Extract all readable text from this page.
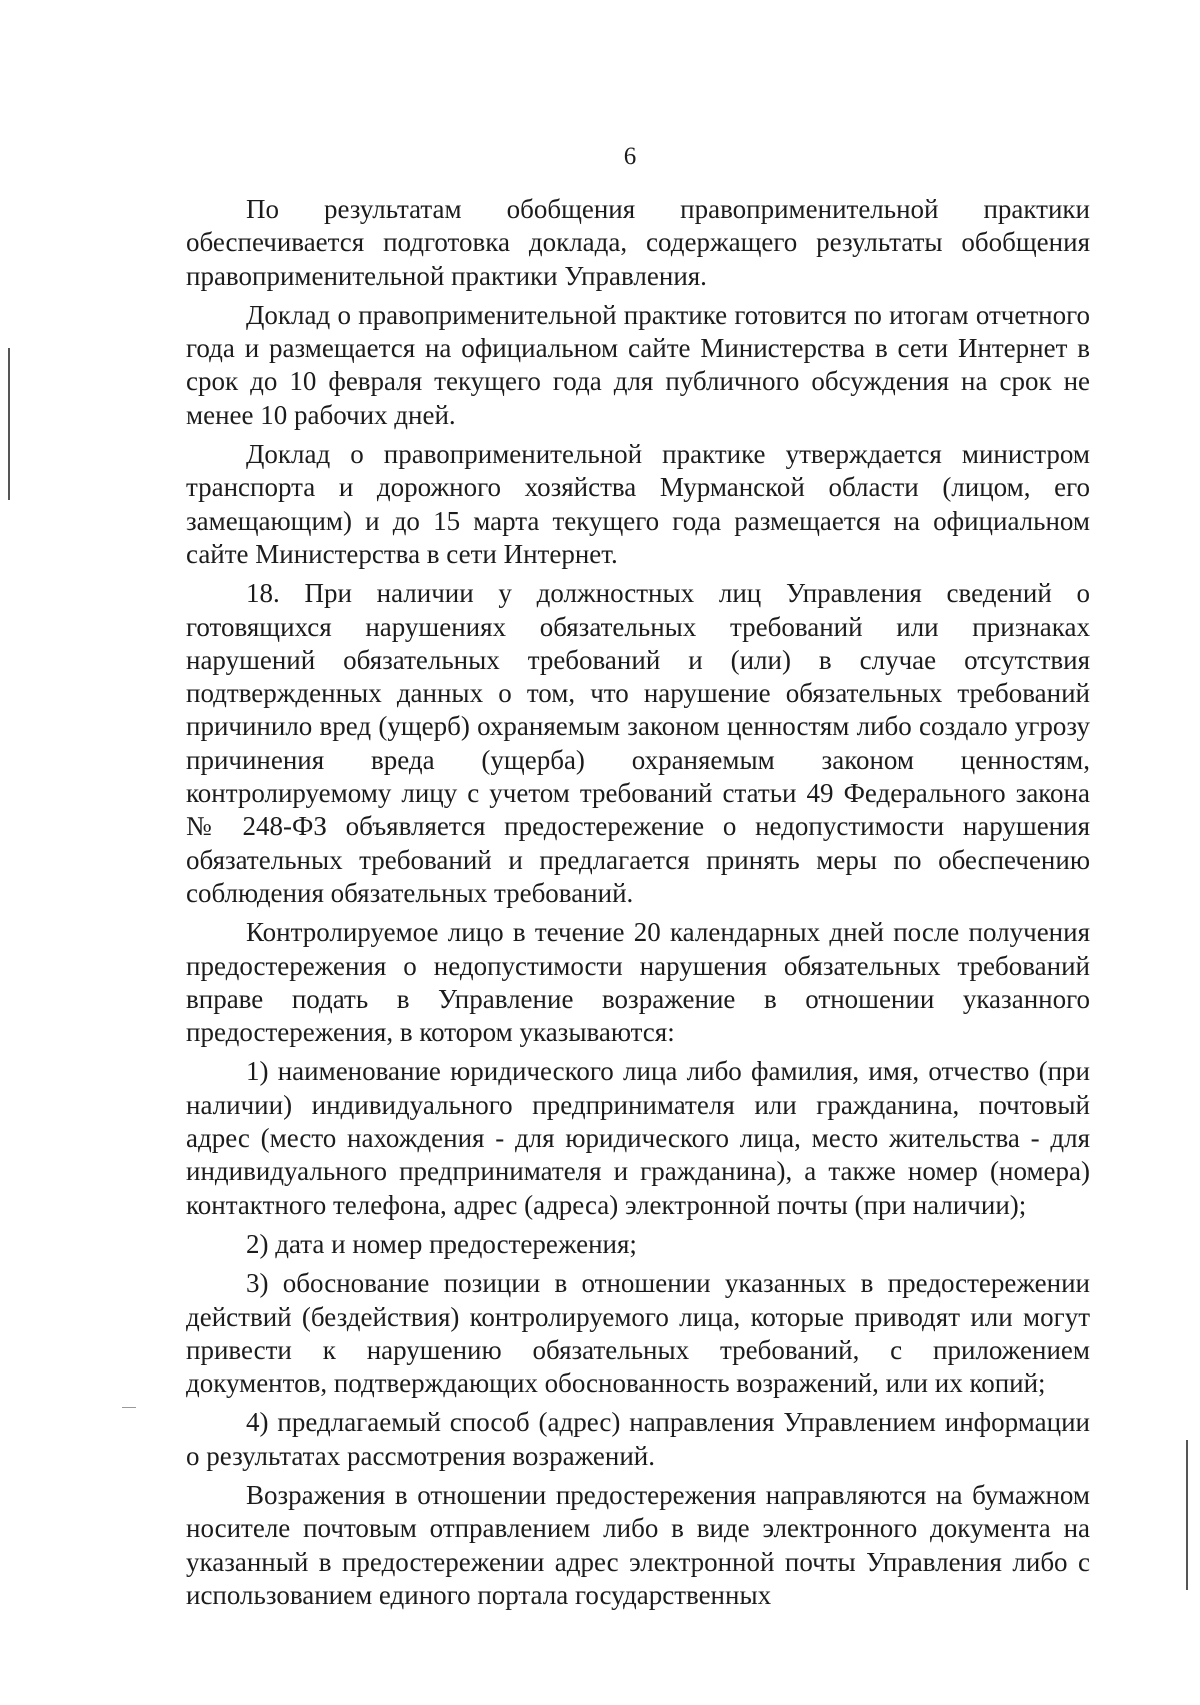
6

По результатам обобщения правоприменительной практики обеспечивается подготовка доклада, содержащего результаты обобщения правоприменительной практики Управления.

Доклад о правоприменительной практике готовится по итогам отчетного года и размещается на официальном сайте Министерства в сети Интернет в срок до 10 февраля текущего года для публичного обсуждения на срок не менее 10 рабочих дней.

Доклад о правоприменительной практике утверждается министром транспорта и дорожного хозяйства Мурманской области (лицом, его замещающим) и до 15 марта текущего года размещается на официальном сайте Министерства в сети Интернет.

18. При наличии у должностных лиц Управления сведений о готовящихся нарушениях обязательных требований или признаках нарушений обязательных требований и (или) в случае отсутствия подтвержденных данных о том, что нарушение обязательных требований причинило вред (ущерб) охраняемым законом ценностям либо создало угрозу причинения вреда (ущерба) охраняемым законом ценностям, контролируемому лицу с учетом требований статьи 49 Федерального закона № 248-ФЗ объявляется предостережение о недопустимости нарушения обязательных требований и предлагается принять меры по обеспечению соблюдения обязательных требований.

Контролируемое лицо в течение 20 календарных дней после получения предостережения о недопустимости нарушения обязательных требований вправе подать в Управление возражение в отношении указанного предостережения, в котором указываются:

1) наименование юридического лица либо фамилия, имя, отчество (при наличии) индивидуального предпринимателя или гражданина, почтовый адрес (место нахождения - для юридического лица, место жительства - для индивидуального предпринимателя и гражданина), а также номер (номера) контактного телефона, адрес (адреса) электронной почты (при наличии);

2) дата и номер предостережения;

3) обоснование позиции в отношении указанных в предостережении действий (бездействия) контролируемого лица, которые приводят или могут привести к нарушению обязательных требований, с приложением документов, подтверждающих обоснованность возражений, или их копий;

4) предлагаемый способ (адрес) направления Управлением информации о результатах рассмотрения возражений.

Возражения в отношении предостережения направляются на бумажном носителе почтовым отправлением либо в виде электронного документа на указанный в предостережении адрес электронной почты Управления либо с использованием единого портала государственных
